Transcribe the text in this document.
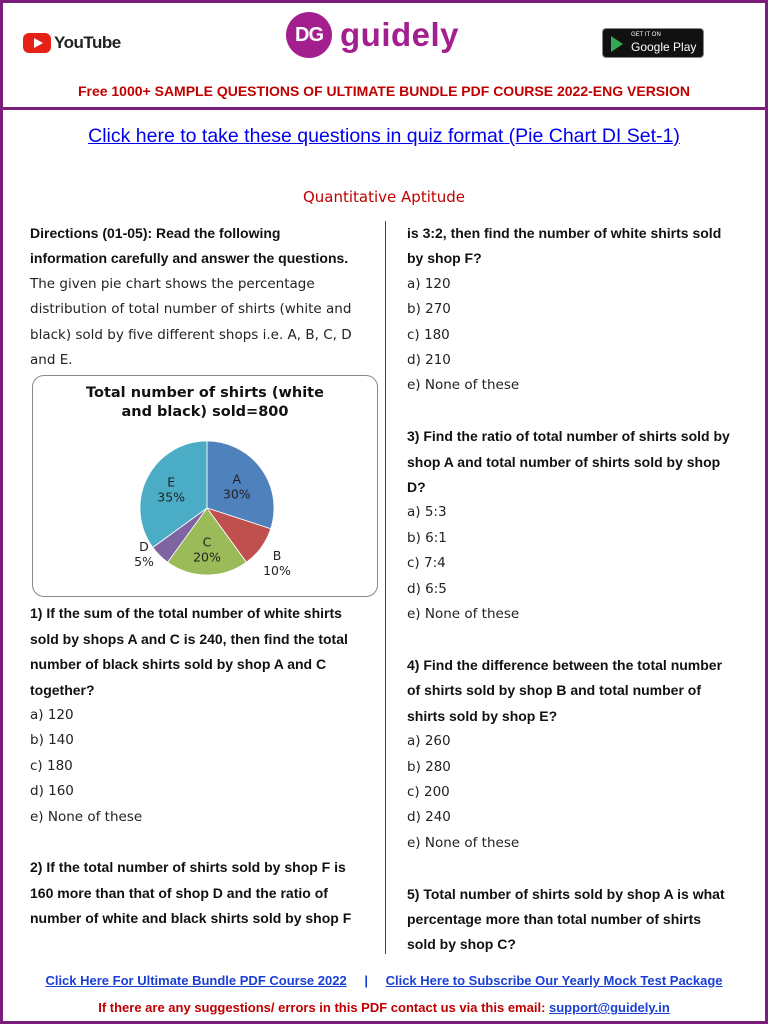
YouTube	DG guidely	GET IT ON
Google Play
Free 1000+ SAMPLE QUESTIONS OF ULTIMATE BUNDLE PDF COURSE 2022-ENG VERSION
Click here to take these questions in quiz format (Pie Chart DI Set-1)
Quantitative Aptitude
Directions (01-05): Read the following
information carefully and answer the questions.
The given pie chart shows the percentage
distribution of total number of shirts (white and
black) sold by five different shops i.e. A, B, C, D
and E.
Total number of shirts (white
and black) sold=800
A
30%
B
10%
C
20%
D
5%
E
35%
1) If the sum of the total number of white shirts
sold by shops A and C is 240, then find the total
number of black shirts sold by shop A and C
together?
a) 120
b) 140
c) 180
d) 160
e) None of these
2) If the total number of shirts sold by shop F is
160 more than that of shop D and the ratio of
number of white and black shirts sold by shop F
is 3:2, then find the number of white shirts sold
by shop F?
a) 120
b) 270
c) 180
d) 210
e) None of these
3) Find the ratio of total number of shirts sold by
shop A and total number of shirts sold by shop
D?
a) 5:3
b) 6:1
c) 7:4
d) 6:5
e) None of these
4) Find the difference between the total number
of shirts sold by shop B and total number of
shirts sold by shop E?
a) 260
b) 280
c) 200
d) 240
e) None of these
5) Total number of shirts sold by shop A is what
percentage more than total number of shirts
sold by shop C?
Click Here For Ultimate Bundle PDF Course 2022 | Click Here to Subscribe Our Yearly Mock Test Package
If there are any suggestions/ errors in this PDF contact us via this email: support@guidely.in
